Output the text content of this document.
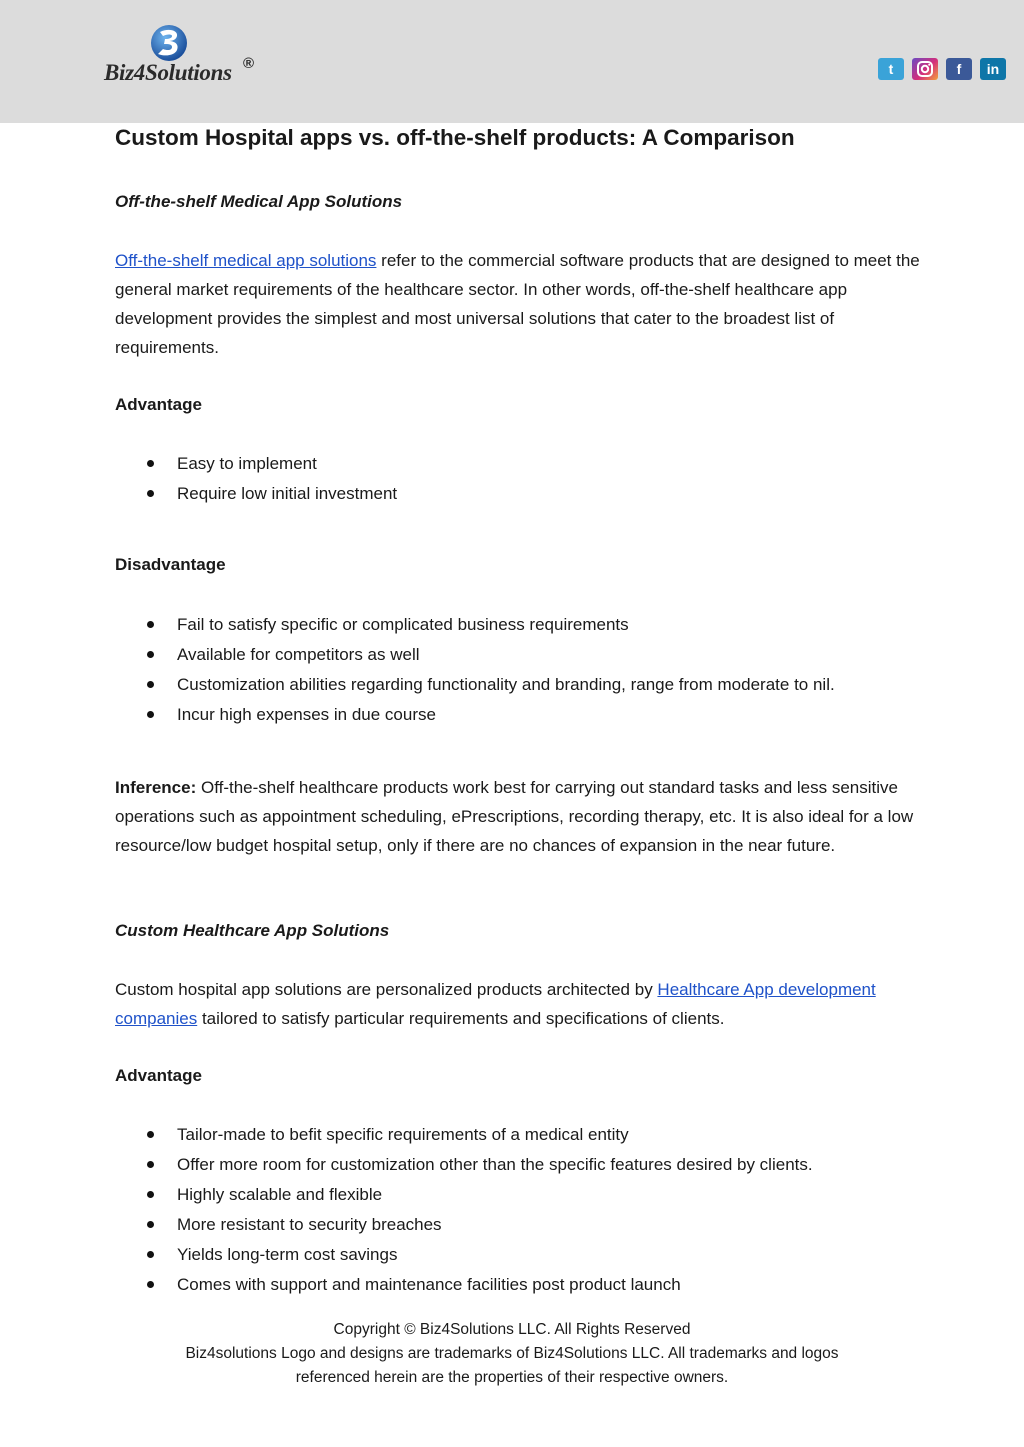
Biz4Solutions ®	t	f in
Custom Hospital apps vs. off-the-shelf products: A Comparison
Off-the-shelf Medical App Solutions

Off-the-shelf medical app solutions refer to the commercial software products that are designed to meet the general market requirements of the healthcare sector. In other words, off-the-shelf healthcare app development provides the simplest and most universal solutions that cater to the broadest list of requirements.

Advantage
Easy to implement
Require low initial investment
Disadvantage
Fail to satisfy specific or complicated business requirements
Available for competitors as well
Customization abilities regarding functionality and branding, range from moderate to nil.
Incur high expenses in due course

Inference: Off-the-shelf healthcare products work best for carrying out standard tasks and less sensitive operations such as appointment scheduling, ePrescriptions, recording therapy, etc. It is also ideal for a low resource/low budget hospital setup, only if there are no chances of expansion in the near future.

Custom Healthcare App Solutions

Custom hospital app solutions are personalized products architected by Healthcare App development companies tailored to satisfy particular requirements and specifications of clients.

Advantage
Tailor-made to befit specific requirements of a medical entity
Offer more room for customization other than the specific features desired by clients.
Highly scalable and flexible
More resistant to security breaches
Yields long-term cost savings
Comes with support and maintenance facilities post product launch
Copyright © Biz4Solutions LLC. All Rights Reserved
Biz4solutions Logo and designs are trademarks of Biz4Solutions LLC. All trademarks and logos
referenced herein are the properties of their respective owners.
